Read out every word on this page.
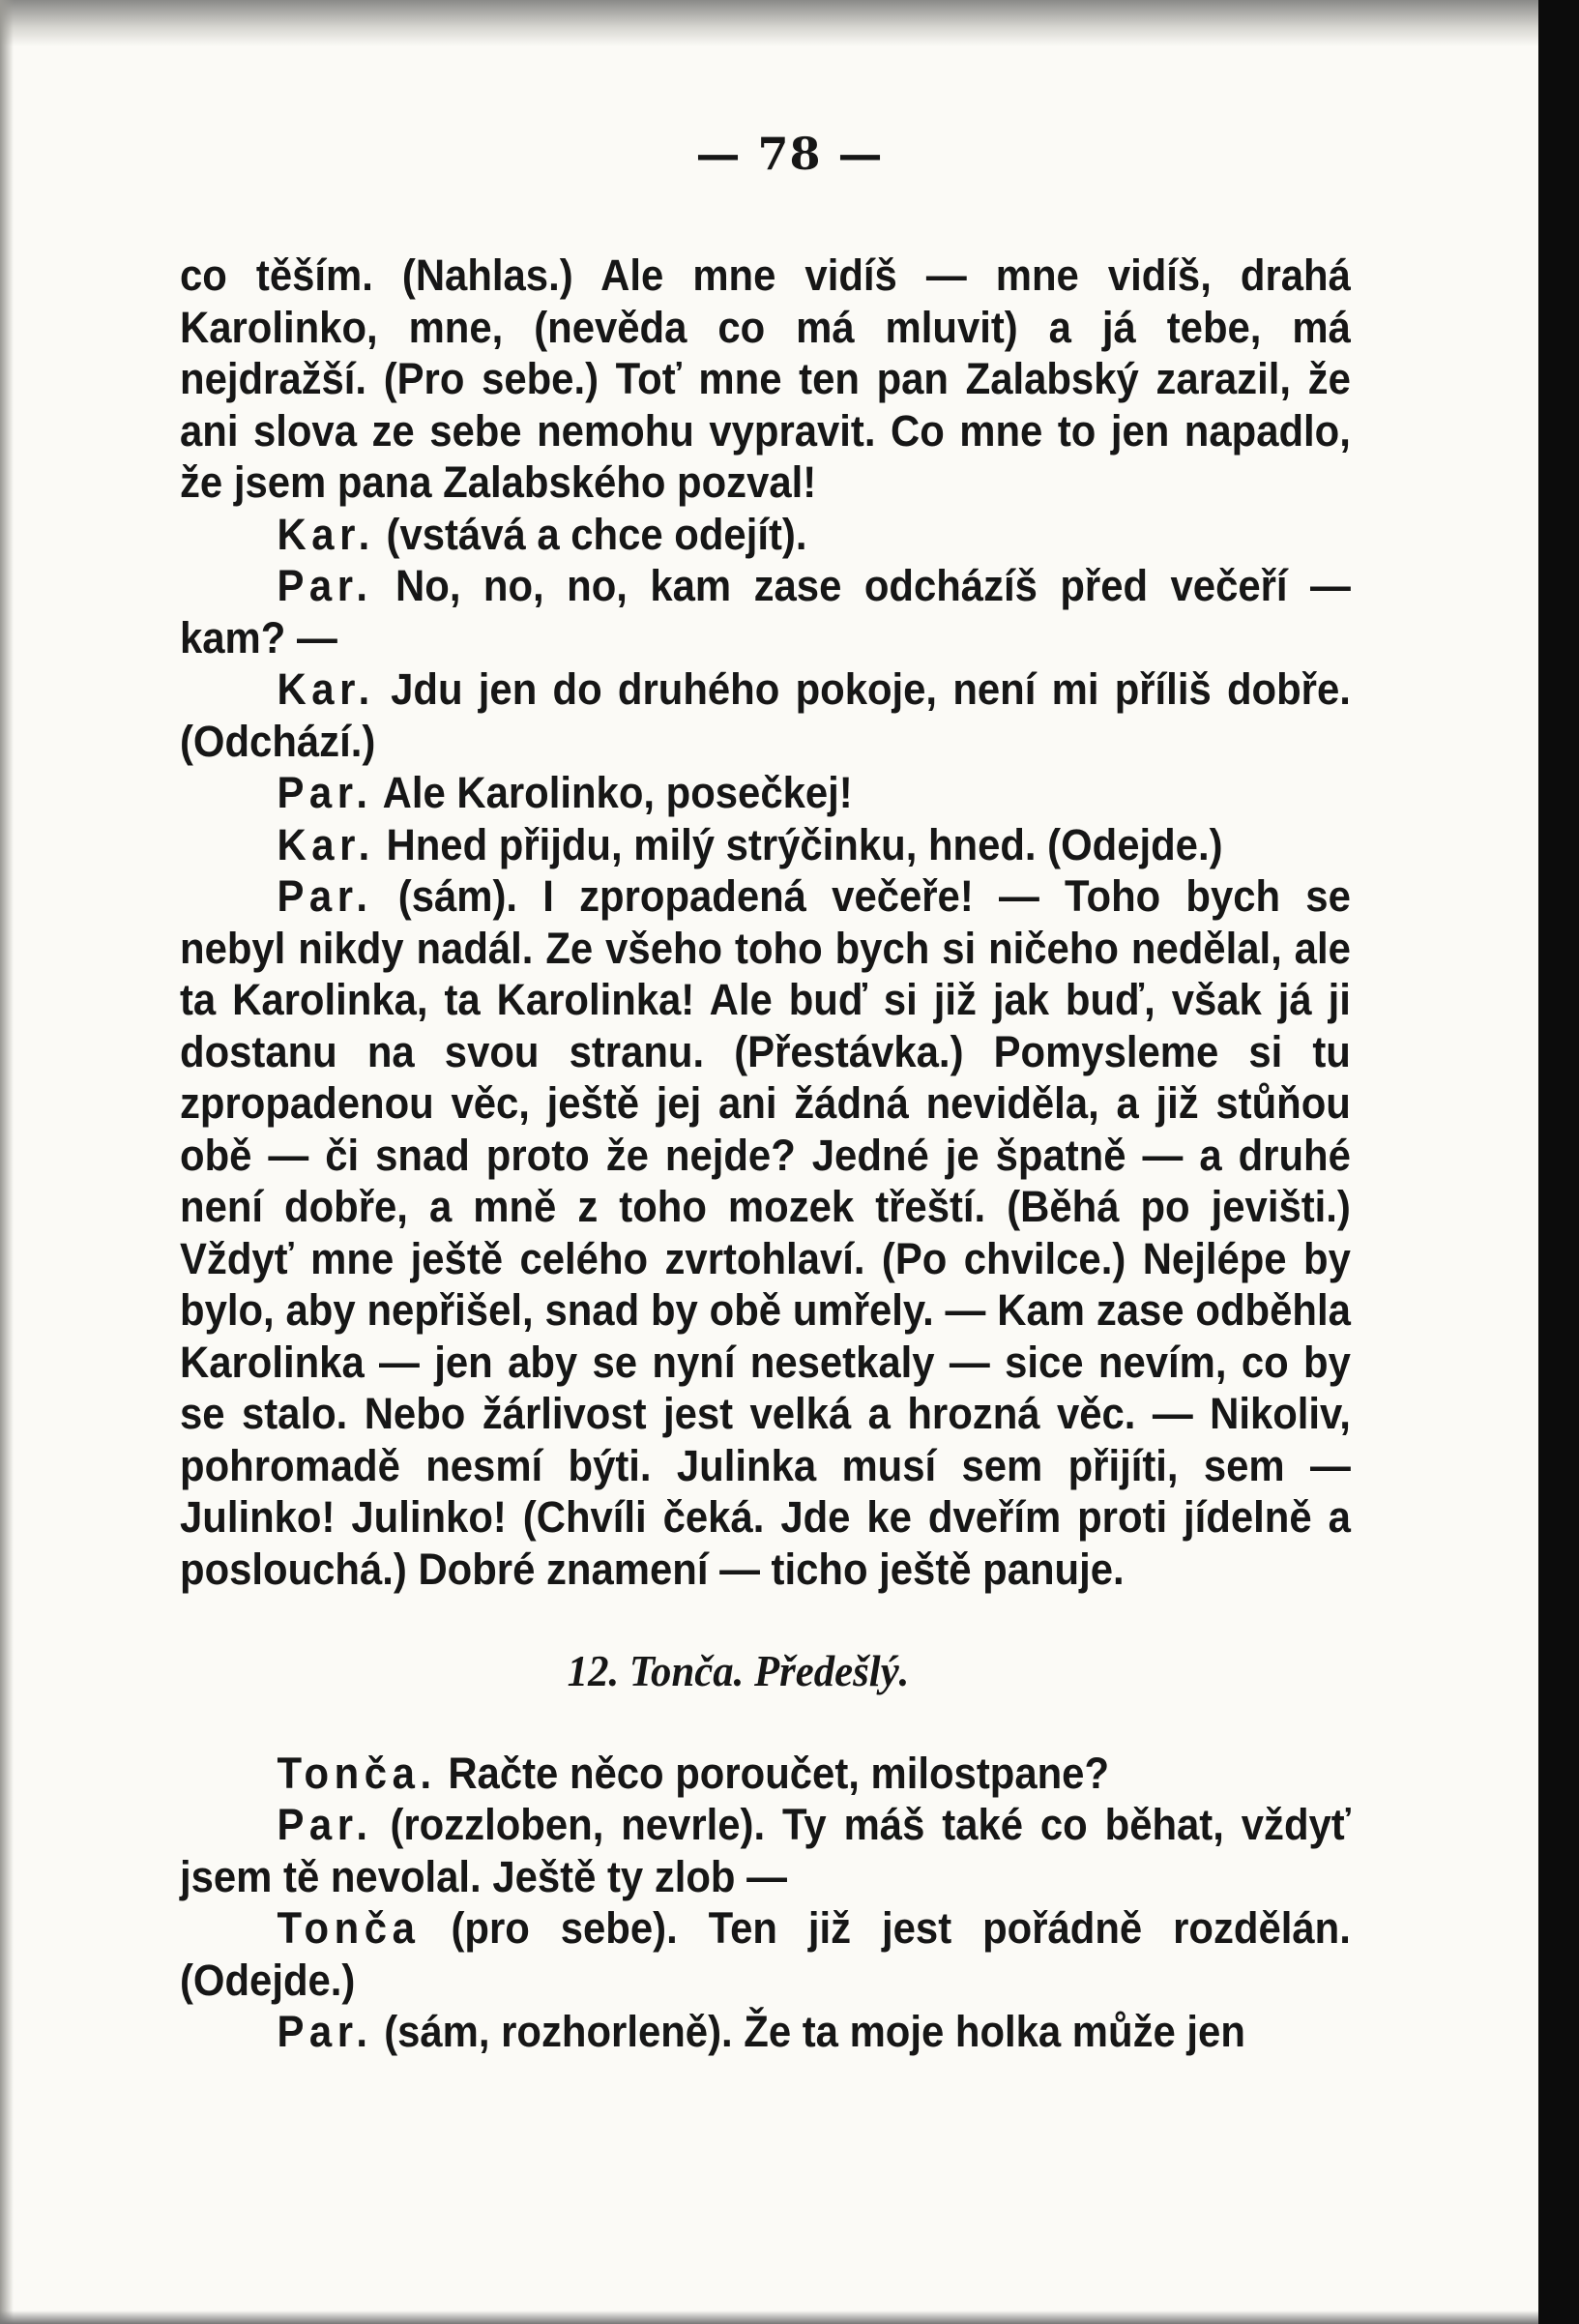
— 78 —

co těším. (Nahlas.) Ale mne vidíš — mne vidíš, drahá Karolinko, mne, (nevěda co má mluvit) a já tebe, má nejdražší. (Pro sebe.) Toť mne ten pan Zalabský zarazil, že ani slova ze sebe nemohu vypravit. Co mne to jen napadlo, že jsem pana Zalabského pozval!

Kar. (vstává a chce odejít).

Par. No, no, no, kam zase odcházíš před večeří — kam? —

Kar. Jdu jen do druhého pokoje, není mi příliš dobře. (Odchází.)

Par. Ale Karolinko, posečkej!

Kar. Hned přijdu, milý strýčinku, hned. (Odejde.)

Par. (sám). I zpropadená večeře! — Toho bych se nebyl nikdy nadál. Ze všeho toho bych si ničeho nedělal, ale ta Karolinka, ta Karolinka! Ale buď si již jak buď, však já ji dostanu na svou stranu. (Přestávka.) Pomysleme si tu zpropadenou věc, ještě jej ani žádná neviděla, a již stůňou obě — či snad proto že nejde? Jedné je špatně — a druhé není dobře, a mně z toho mozek třeští. (Běhá po jevišti.) Vždyť mne ještě celého zvrtohlaví. (Po chvilce.) Nejlépe by bylo, aby nepřišel, snad by obě umřely. — Kam zase odběhla Karolinka — jen aby se nyní nesetkaly — sice nevím, co by se stalo. Nebo žárlivost jest velká a hrozná věc. — Nikoliv, pohromadě nesmí býti. Julinka musí sem přijíti, sem — Julinko! Julinko! (Chvíli čeká. Jde ke dveřím proti jídelně a poslouchá.) Dobré znamení — ticho ještě panuje.

12. Tonča. Předešlý.

Tonča. Račte něco poroučet, milostpane?

Par. (rozzloben, nevrle). Ty máš také co běhat, vždyť jsem tě nevolal. Ještě ty zlob —

Tonča (pro sebe). Ten již jest pořádně rozdělán. (Odejde.)

Par. (sám, rozhorleně). Že ta moje holka může jen
